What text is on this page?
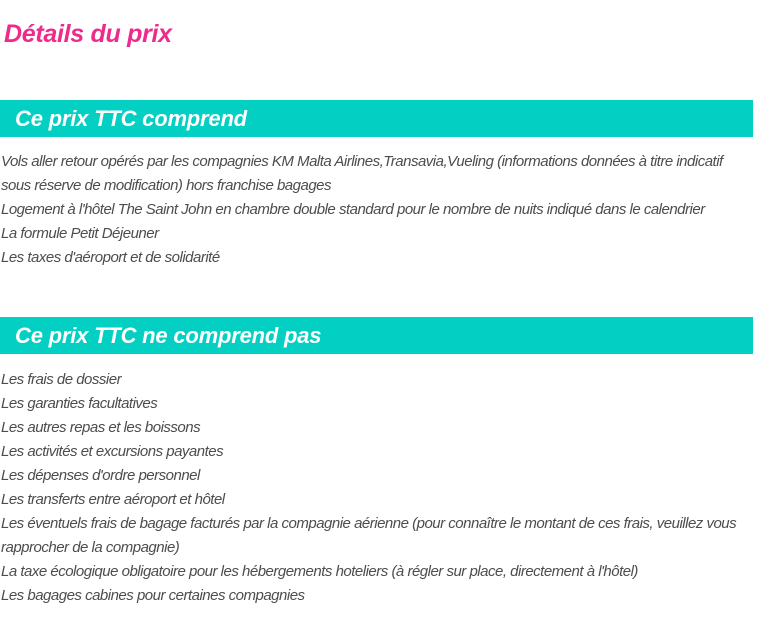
Détails du prix
Ce prix TTC comprend
Vols aller retour opérés par les compagnies KM Malta Airlines,Transavia,Vueling (informations données à titre indicatif sous réserve de modification) hors franchise bagages
Logement à l'hôtel The Saint John en chambre double standard pour le nombre de nuits indiqué dans le calendrier
La formule Petit Déjeuner
Les taxes d'aéroport et de solidarité
Ce prix TTC ne comprend pas
Les frais de dossier
Les garanties facultatives
Les autres repas et les boissons
Les activités et excursions payantes
Les dépenses d'ordre personnel
Les transferts entre aéroport et hôtel
Les éventuels frais de bagage facturés par la compagnie aérienne (pour connaître le montant de ces frais, veuillez vous rapprocher de la compagnie)
La taxe écologique obligatoire pour les hébergements hoteliers (à régler sur place, directement à l'hôtel)
Les bagages cabines pour certaines compagnies
